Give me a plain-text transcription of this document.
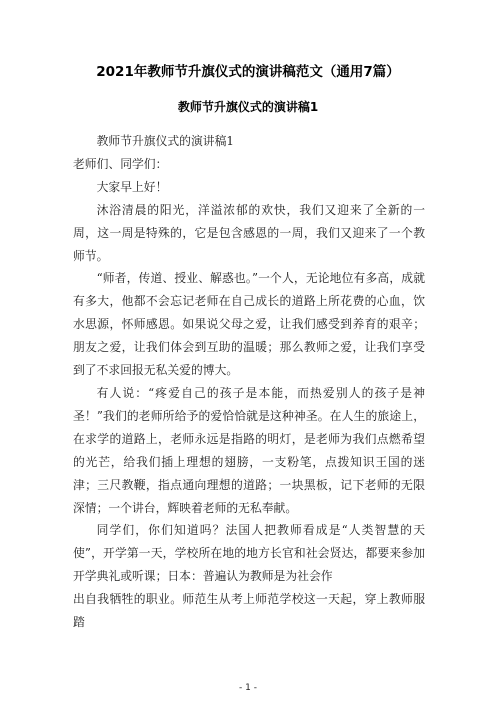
2021年教师节升旗仪式的演讲稿范文（通用7篇）
教师节升旗仪式的演讲稿1

教师节升旗仪式的演讲稿1

老师们、同学们：

大家早上好！

沐浴清晨的阳光，洋溢浓郁的欢快，我们又迎来了全新的一周，这一周是特殊的，它是包含感恩的一周，我们又迎来了一个教师节。

“师者，传道、授业、解惑也。”一个人，无论地位有多高，成就有多大，他都不会忘记老师在自己成长的道路上所花费的心血，饮水思源，怀师感恩。如果说父母之爱，让我们感受到养育的艰辛；朋友之爱，让我们体会到互助的温暖；那么教师之爱，让我们享受到了不求回报无私关爱的博大。

有人说：“疼爱自己的孩子是本能，而热爱别人的孩子是神圣！”我们的老师所给予的爱恰恰就是这种神圣。在人生的旅途上，在求学的道路上，老师永远是指路的明灯，是老师为我们点燃希望的光芒，给我们插上理想的翅膀，一支粉笔，点拨知识王国的迷津；三尺教鞭，指点通向理想的道路；一块黑板，记下老师的无限深情；一个讲台，辉映着老师的无私奉献。

同学们，你们知道吗？法国人把教师看成是“人类智慧的天使”，开学第一天，学校所在地的地方长官和社会贤达，都要来参加开学典礼或听课；日本：普遍认为教师是为社会作

出自我牺牲的职业。师范生从考上师范学校这一天起，穿上教师服踏

- 1 -
